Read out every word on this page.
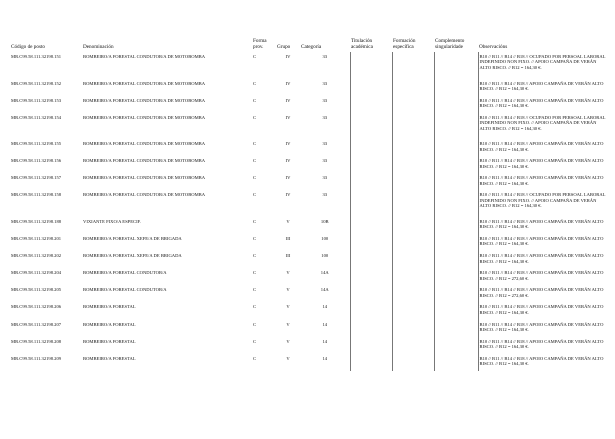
Código de posto	Denominación	Forma prov.	Grupo	Categoría	Titulación académica	Formación específica	Complemento singularidade	Observacións
MR.C99.58.111.32198.151	BOMBEIRO/A FORESTAL CONDUTOR/A DE MOTOBOMBA	C	IV	33				B10 // B11 // B14 // B18 // OCUPADO POR PERSOAL LABORAL INDEFINIDO NON FIXO. // APOIO CAMPAÑA DE VERÁN ALTO RISCO. // B12 = 164,30 €.
MR.C99.58.111.32198.152	BOMBEIRO/A FORESTAL CONDUTOR/A DE MOTOBOMBA	C	IV	33				B10 // B11 // B14 // B18 // APOIO CAMPAÑA DE VERÁN ALTO RISCO. // B12 = 164,30 €.
MR.C99.58.111.32198.153	BOMBEIRO/A FORESTAL CONDUTOR/A DE MOTOBOMBA	C	IV	33				B10 // B11 // B14 // B18 // APOIO CAMPAÑA DE VERÁN ALTO RISCO. // B12 = 164,30 €.
MR.C99.58.111.32198.154	BOMBEIRO/A FORESTAL CONDUTOR/A DE MOTOBOMBA	C	IV	33				B10 // B11 // B14 // B18 // OCUPADO POR PERSOAL LABORAL INDEFINIDO NON FIXO. // APOIO CAMPAÑA DE VERÁN ALTO RISCO. // B12 = 164,30 €.
MR.C99.58.111.32198.155	BOMBEIRO/A FORESTAL CONDUTOR/A DE MOTOBOMBA	C	IV	33				B10 // B11 // B14 // B18 // APOIO CAMPAÑA DE VERÁN ALTO RISCO. // B12 = 164,30 €.
MR.C99.58.111.32198.156	BOMBEIRO/A FORESTAL CONDUTOR/A DE MOTOBOMBA	C	IV	33				B10 // B11 // B14 // B18 // APOIO CAMPAÑA DE VERÁN ALTO RISCO. // B12 = 164,30 €.
MR.C99.58.111.32198.157	BOMBEIRO/A FORESTAL CONDUTOR/A DE MOTOBOMBA	C	IV	33				B10 // B11 // B14 // B18 // APOIO CAMPAÑA DE VERÁN ALTO RISCO. // B12 = 164,30 €.
MR.C99.58.111.32198.158	BOMBEIRO/A FORESTAL CONDUTOR/A DE MOTOBOMBA	C	IV	33				B10 // B11 // B14 // B18 // OCUPADO POR PERSOAL LABORAL INDEFINIDO NON FIXO. // APOIO CAMPAÑA DE VERÁN ALTO RISCO. // B12 = 164,30 €.
MR.C99.58.111.32198.188	VIXIANTE FIXO/A ESPECIF.	C	V	10B				B10 // B11 // B14 // B18 // APOIO CAMPAÑA DE VERÁN ALTO RISCO. // B12 = 164,30 €.
MR.C99.58.111.32198.201	BOMBEIRO/A FORESTAL XEFE/A DE BRIGADA	C	III	100				B10 // B11 // B14 // B18 // APOIO CAMPAÑA DE VERÁN ALTO RISCO. // B12 = 164,30 €.
MR.C99.58.111.32198.202	BOMBEIRO/A FORESTAL XEFE/A DE BRIGADA	C	III	100				B10 // B11 // B14 // B18 // APOIO CAMPAÑA DE VERÁN ALTO RISCO. // B12 = 164,30 €.
MR.C99.58.111.32198.204	BOMBEIRO/A FORESTAL CONDUTOR/A	C	V	14A				B10 // B11 // B14 // B18 // APOIO CAMPAÑA DE VERÁN ALTO RISCO. // B12 = 272,60 €.
MR.C99.58.111.32198.205	BOMBEIRO/A FORESTAL CONDUTOR/A	C	V	14A				B10 // B11 // B14 // B18 // APOIO CAMPAÑA DE VERÁN ALTO RISCO. // B12 = 272,60 €.
MR.C99.58.111.32198.206	BOMBEIRO/A FORESTAL	C	V	14				B10 // B11 // B14 // B18 // APOIO CAMPAÑA DE VERÁN ALTO RISCO. // B12 = 164,30 €.
MR.C99.58.111.32198.207	BOMBEIRO/A FORESTAL	C	V	14				B10 // B11 // B14 // B18 // APOIO CAMPAÑA DE VERÁN ALTO RISCO. // B12 = 164,30 €.
MR.C99.58.111.32198.208	BOMBEIRO/A FORESTAL	C	V	14				B10 // B11 // B14 // B18 // APOIO CAMPAÑA DE VERÁN ALTO RISCO. // B12 = 164,30 €.
MR.C99.58.111.32198.209	BOMBEIRO/A FORESTAL	C	V	14				B10 // B11 // B14 // B18 // APOIO CAMPAÑA DE VERÁN ALTO RISCO. // B12 = 164,30 €.
